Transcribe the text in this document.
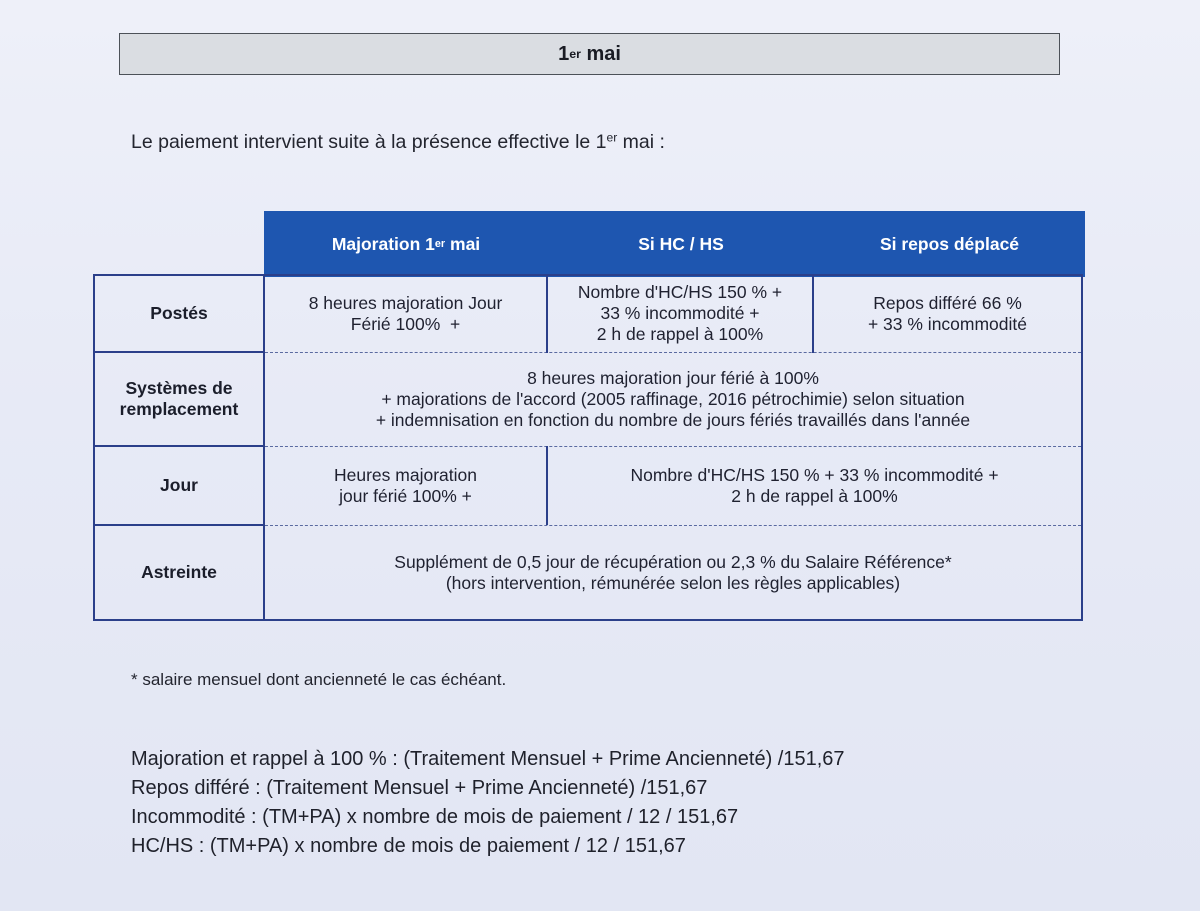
1 er mai
Le paiement intervient suite à la présence effective le 1er mai :
Majoration 1 er mai	Si HC / HS	Si repos déplacé
Postés
8 heures majoration Jour
Férié 100%  +
Nombre d'HC/HS 150 % +
33 % incommodité +
2 h de rappel à 100%
Repos différé 66 %
+ 33 % incommodité
Systèmes de
remplacement
8 heures majoration jour férié à 100%
+ majorations de l'accord (2005 raffinage, 2016 pétrochimie) selon situation
+ indemnisation en fonction du nombre de jours fériés travaillés dans l'année
Jour
Heures majoration
jour férié 100% +
Nombre d'HC/HS 150 % + 33 % incommodité +
2 h de rappel à 100%
Astreinte
Supplément de 0,5 jour de récupération ou 2,3 % du Salaire Référence*
(hors intervention, rémunérée selon les règles applicables)
* salaire mensuel dont ancienneté le cas échéant.
Majoration et rappel à 100 % : (Traitement Mensuel + Prime Ancienneté) /151,67
Repos différé : (Traitement Mensuel + Prime Ancienneté) /151,67
Incommodité : (TM+PA) x nombre de mois de paiement / 12 / 151,67
HC/HS : (TM+PA) x nombre de mois de paiement / 12 / 151,67
